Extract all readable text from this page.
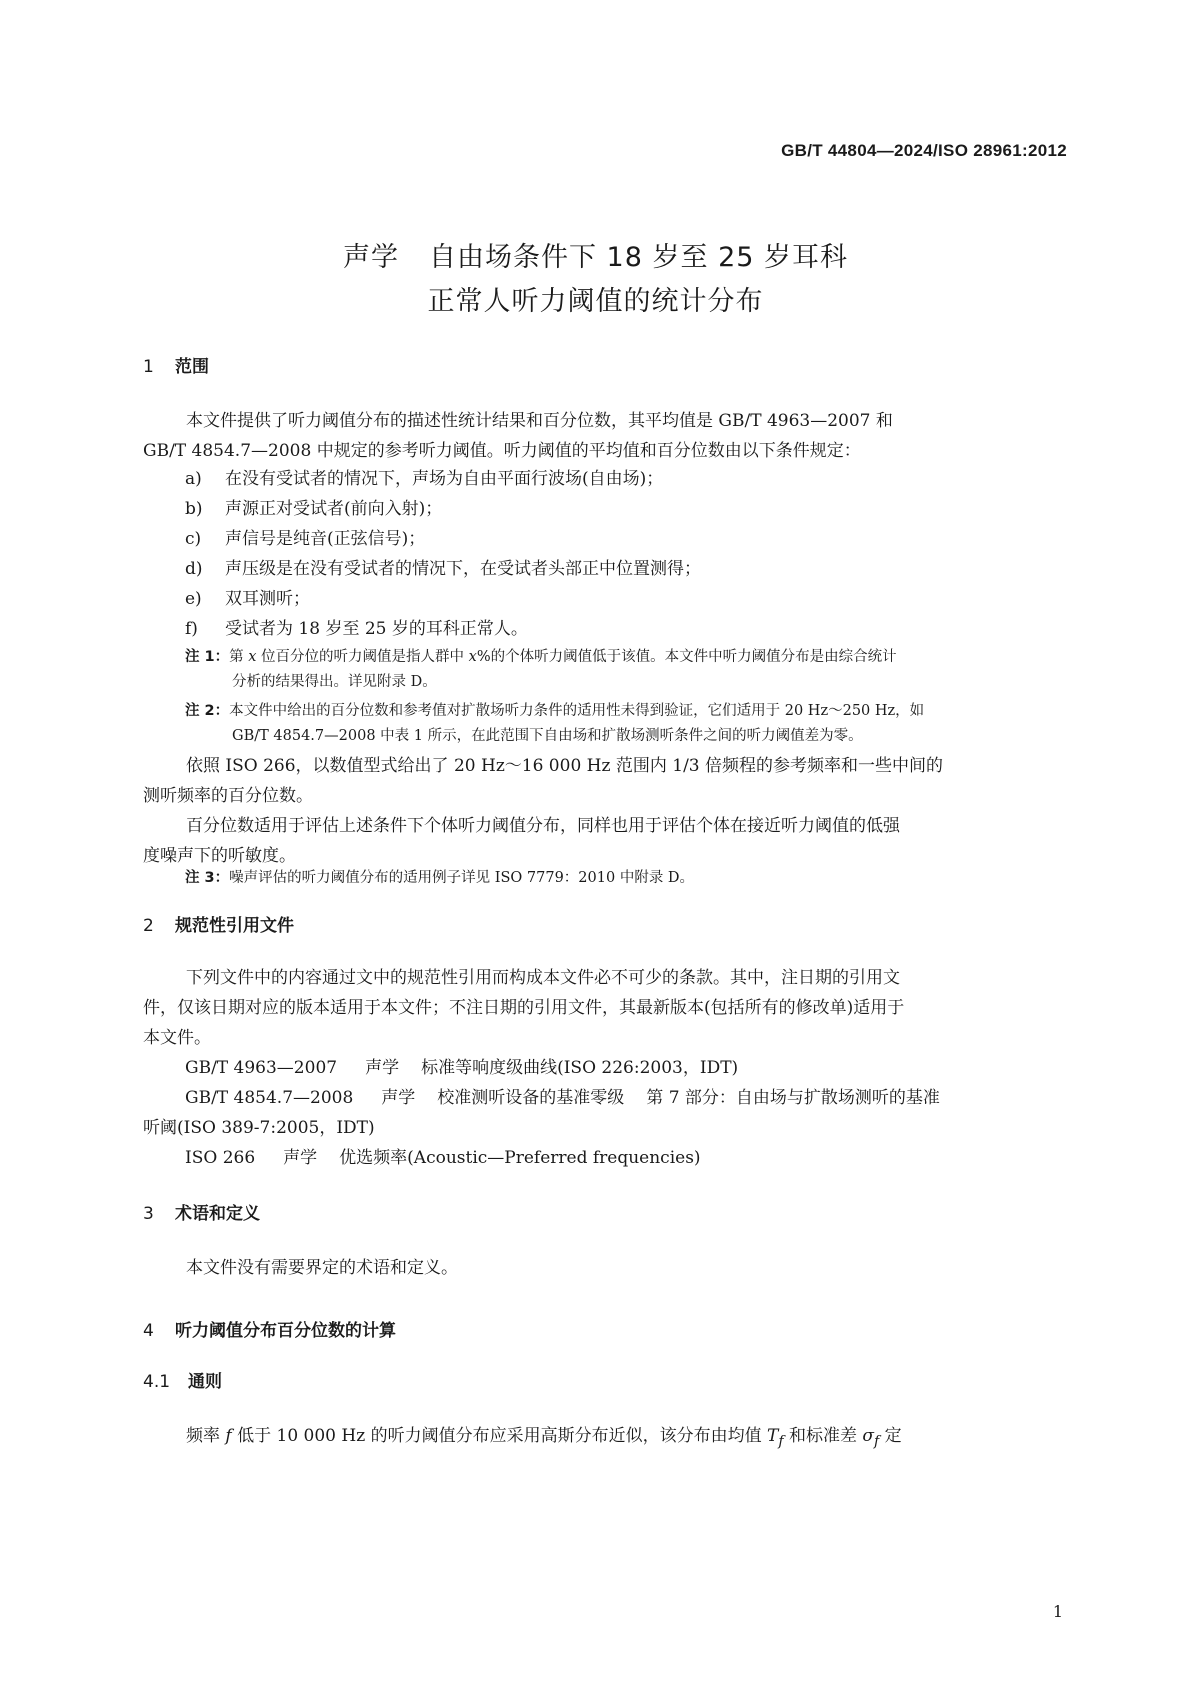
GB/T 44804—2024/ISO 28961:2012
声学 自由场条件下 18 岁至 25 岁耳科
正常人听力阈值的统计分布
1 范围
本文件提供了听力阈值分布的描述性统计结果和百分位数，其平均值是 GB/T 4963—2007 和
GB/T 4854.7—2008 中规定的参考听力阈值。听力阈值的平均值和百分位数由以下条件规定：
a) 在没有受试者的情况下，声场为自由平面行波场(自由场)；
b) 声源正对受试者(前向入射)；
c) 声信号是纯音(正弦信号)；
d) 声压级是在没有受试者的情况下，在受试者头部正中位置测得；
e) 双耳测听；
f) 受试者为 18 岁至 25 岁的耳科正常人。
注 1：第 x 位百分位的听力阈值是指人群中 x%的个体听力阈值低于该值。本文件中听力阈值分布是由综合统计
分析的结果得出。详见附录 D。
注 2：本文件中给出的百分位数和参考值对扩散场听力条件的适用性未得到验证，它们适用于 20 Hz～250 Hz，如
GB/T 4854.7—2008 中表 1 所示，在此范围下自由场和扩散场测听条件之间的听力阈值差为零。
依照 ISO 266，以数值型式给出了 20 Hz～16 000 Hz 范围内 1/3 倍频程的参考频率和一些中间的
测听频率的百分位数。
百分位数适用于评估上述条件下个体听力阈值分布，同样也用于评估个体在接近听力阈值的低强
度噪声下的听敏度。
注 3：噪声评估的听力阈值分布的适用例子详见 ISO 7779：2010 中附录 D。
2 规范性引用文件
下列文件中的内容通过文中的规范性引用而构成本文件必不可少的条款。其中，注日期的引用文
件，仅该日期对应的版本适用于本文件；不注日期的引用文件，其最新版本(包括所有的修改单)适用于
本文件。
GB/T 4963—2007 声学 标准等响度级曲线(ISO 226:2003，IDT)
GB/T 4854.7—2008 声学 校准测听设备的基准零级 第 7 部分：自由场与扩散场测听的基准
听阈(ISO 389-7:2005，IDT)
ISO 266 声学 优选频率(Acoustic—Preferred frequencies)
3 术语和定义
本文件没有需要界定的术语和定义。
4 听力阈值分布百分位数的计算
4.1 通则
频率 f 低于 10 000 Hz 的听力阈值分布应采用高斯分布近似，该分布由均值 $T_f$ 和标准差 $\sigma_f$ 定
1
